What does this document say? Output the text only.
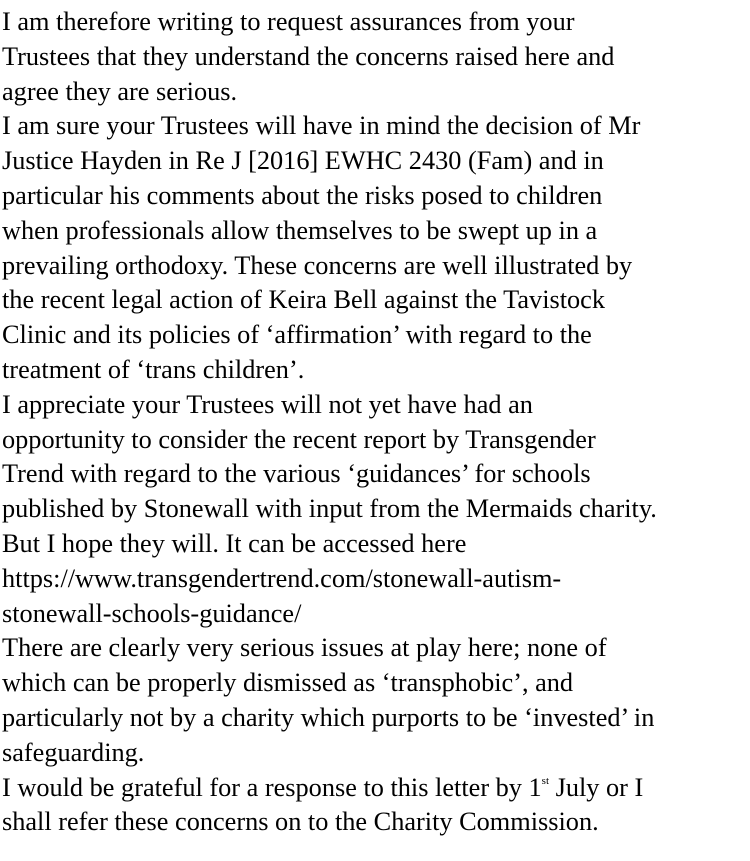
I am therefore writing to request assurances from your
Trustees that they understand the concerns raised here and
agree they are serious.
I am sure your Trustees will have in mind the decision of Mr
Justice Hayden in Re J [2016] EWHC 2430 (Fam) and in
particular his comments about the risks posed to children
when professionals allow themselves to be swept up in a
prevailing orthodoxy. These concerns are well illustrated by
the recent legal action of Keira Bell against the Tavistock
Clinic and its policies of ‘affirmation’ with regard to the
treatment of ‘trans children’.
I appreciate your Trustees will not yet have had an
opportunity to consider the recent report by Transgender
Trend with regard to the various ‘guidances’ for schools
published by Stonewall with input from the Mermaids charity.
But I hope they will. It can be accessed here
https://www.transgendertrend.com/stonewall-autism-
stonewall-schools-guidance/
There are clearly very serious issues at play here; none of
which can be properly dismissed as ‘transphobic’, and
particularly not by a charity which purports to be ‘invested’ in
safeguarding.
I would be grateful for a response to this letter by 1st July or I
shall refer these concerns on to the Charity Commission.
